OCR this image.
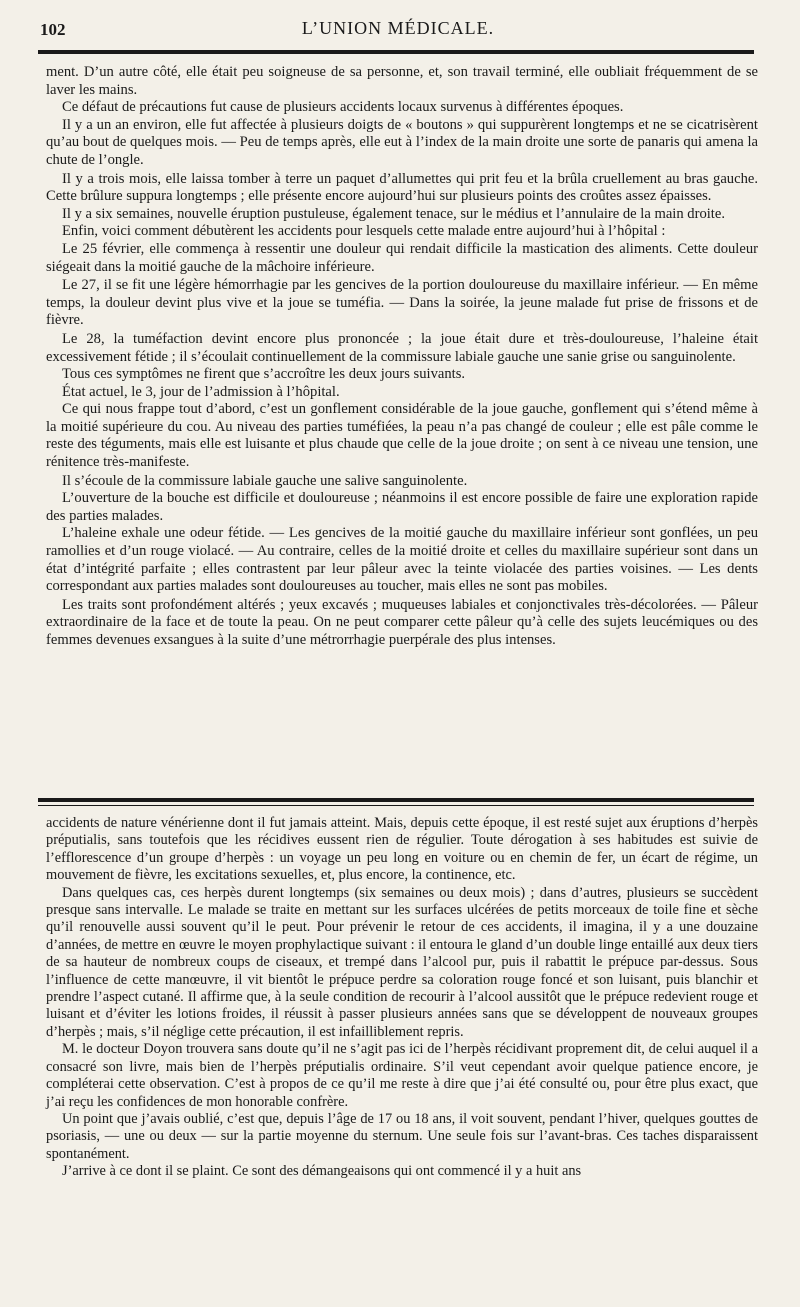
102	L’UNION MÉDICALE.

ment. D’un autre côté, elle était peu soigneuse de sa personne, et, son travail terminé, elle oubliait fréquemment de se laver les mains.

Ce défaut de précautions fut cause de plusieurs accidents locaux survenus à différentes époques.

Il y a un an environ, elle fut affectée à plusieurs doigts de « boutons » qui suppurèrent longtemps et ne se cicatrisèrent qu’au bout de quelques mois. — Peu de temps après, elle eut à l’index de la main droite une sorte de panaris qui amena la chute de l’ongle.

Il y a trois mois, elle laissa tomber à terre un paquet d’allumettes qui prit feu et la brûla cruellement au bras gauche. Cette brûlure suppura longtemps ; elle présente encore aujourd’hui sur plusieurs points des croûtes assez épaisses.

Il y a six semaines, nouvelle éruption pustuleuse, également tenace, sur le médius et l’annulaire de la main droite.

Enfin, voici comment débutèrent les accidents pour lesquels cette malade entre aujourd’hui à l’hôpital :

Le 25 février, elle commença à ressentir une douleur qui rendait difficile la mastication des aliments. Cette douleur siégeait dans la moitié gauche de la mâchoire inférieure.

Le 27, il se fit une légère hémorrhagie par les gencives de la portion douloureuse du maxillaire inférieur. — En même temps, la douleur devint plus vive et la joue se tuméfia. — Dans la soirée, la jeune malade fut prise de frissons et de fièvre.

Le 28, la tuméfaction devint encore plus prononcée ; la joue était dure et très-douloureuse, l’haleine était excessivement fétide ; il s’écoulait continuellement de la commissure labiale gauche une sanie grise ou sanguinolente.

Tous ces symptômes ne firent que s’accroître les deux jours suivants.

État actuel, le 3, jour de l’admission à l’hôpital.

Ce qui nous frappe tout d’abord, c’est un gonflement considérable de la joue gauche, gonflement qui s’étend même à la moitié supérieure du cou. Au niveau des parties tuméfiées, la peau n’a pas changé de couleur ; elle est pâle comme le reste des téguments, mais elle est luisante et plus chaude que celle de la joue droite ; on sent à ce niveau une tension, une rénitence très-manifeste.

Il s’écoule de la commissure labiale gauche une salive sanguinolente.

L’ouverture de la bouche est difficile et douloureuse ; néanmoins il est encore possible de faire une exploration rapide des parties malades.

L’haleine exhale une odeur fétide. — Les gencives de la moitié gauche du maxillaire inférieur sont gonflées, un peu ramollies et d’un rouge violacé. — Au contraire, celles de la moitié droite et celles du maxillaire supérieur sont dans un état d’intégrité parfaite ; elles contrastent par leur pâleur avec la teinte violacée des parties voisines. — Les dents correspondant aux parties malades sont douloureuses au toucher, mais elles ne sont pas mobiles.

Les traits sont profondément altérés ; yeux excavés ; muqueuses labiales et conjonctivales très-décolorées. — Pâleur extraordinaire de la face et de toute la peau. On ne peut comparer cette pâleur qu’à celle des sujets leucémiques ou des femmes devenues exsangues à la suite d’une métrorrhagie puerpérale des plus intenses.

accidents de nature vénérienne dont il fut jamais atteint. Mais, depuis cette époque, il est resté sujet aux éruptions d’herpès préputialis, sans toutefois que les récidives eussent rien de régulier. Toute dérogation à ses habitudes est suivie de l’efflorescence d’un groupe d’herpès : un voyage un peu long en voiture ou en chemin de fer, un écart de régime, un mouvement de fièvre, les excitations sexuelles, et, plus encore, la continence, etc.

Dans quelques cas, ces herpès durent longtemps (six semaines ou deux mois) ; dans d’autres, plusieurs se succèdent presque sans intervalle. Le malade se traite en mettant sur les surfaces ulcérées de petits morceaux de toile fine et sèche qu’il renouvelle aussi souvent qu’il le peut. Pour prévenir le retour de ces accidents, il imagina, il y a une douzaine d’années, de mettre en œuvre le moyen prophylactique suivant : il entoura le gland d’un double linge entaillé aux deux tiers de sa hauteur de nombreux coups de ciseaux, et trempé dans l’alcool pur, puis il rabattit le prépuce par-dessus. Sous l’influence de cette manœuvre, il vit bientôt le prépuce perdre sa coloration rouge foncé et son luisant, puis blanchir et prendre l’aspect cutané. Il affirme que, à la seule condition de recourir à l’alcool aussitôt que le prépuce redevient rouge et luisant et d’éviter les lotions froides, il réussit à passer plusieurs années sans que se développent de nouveaux groupes d’herpès ; mais, s’il néglige cette précaution, il est infailliblement repris.

M. le docteur Doyon trouvera sans doute qu’il ne s’agit pas ici de l’herpès récidivant proprement dit, de celui auquel il a consacré son livre, mais bien de l’herpès préputialis ordinaire. S’il veut cependant avoir quelque patience encore, je compléterai cette observation. C’est à propos de ce qu’il me reste à dire que j’ai été consulté ou, pour être plus exact, que j’ai reçu les confidences de mon honorable confrère.

Un point que j’avais oublié, c’est que, depuis l’âge de 17 ou 18 ans, il voit souvent, pendant l’hiver, quelques gouttes de psoriasis, — une ou deux — sur la partie moyenne du sternum. Une seule fois sur l’avant-bras. Ces taches disparaissent spontanément.

J’arrive à ce dont il se plaint. Ce sont des démangeaisons qui ont commencé il y a huit ans
